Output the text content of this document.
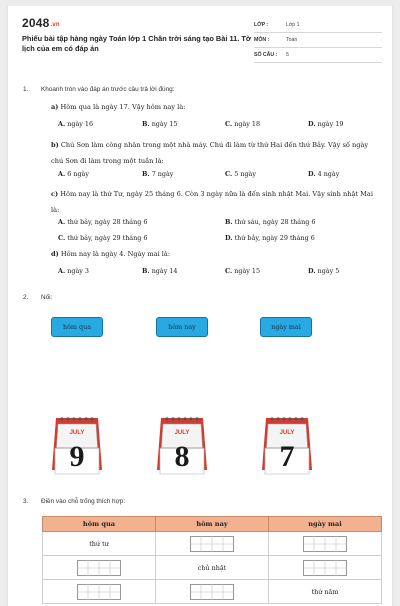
2048.vn
Phiếu bài tập hàng ngày Toán lớp 1 Chân trời sáng tạo Bài 11. Tờ lịch của em có đáp án
LỚP :	Lớp 1
MÔN :	Toán
SỐ CÂU :	5
1. Khoanh tròn vào đáp án trước câu trả lời đúng:
a) Hôm qua là ngày 17. Vậy hôm nay là:
A. ngày 16	B. ngày 15	C. ngày 18	D. ngày 19
b) Chú Sơn làm công nhân trong một nhà máy. Chú đi làm từ thứ Hai đến thứ Bảy. Vậy số ngày chú Sơn đi làm trong một tuần là:
A. 6 ngày	B. 7 ngày	C. 5 ngày	D. 4 ngày
c) Hôm nay là thứ Tư, ngày 25 tháng 6. Còn 3 ngày nữa là đến sinh nhật Mai. Vậy sinh nhật Mai là:
A. thứ bảy, ngày 28 tháng 6	B. thứ sáu, ngày 28 tháng 6
C. thứ bảy, ngày 29 tháng 6	D. thứ bảy, ngày 29 tháng 6
d) Hôm nay là ngày 4. Ngày mai là:
A. ngày 3	B. ngày 14	C. ngày 15	D. ngày 5
2. Nối:
hôm qua	hôm nay	ngày mai
JULY
9
JULY
8
JULY
7
3. Điền vào chỗ trống thích hợp:
hôm qua	hôm nay	ngày mai
thứ tư		
	chủ nhật	
		thứ năm
